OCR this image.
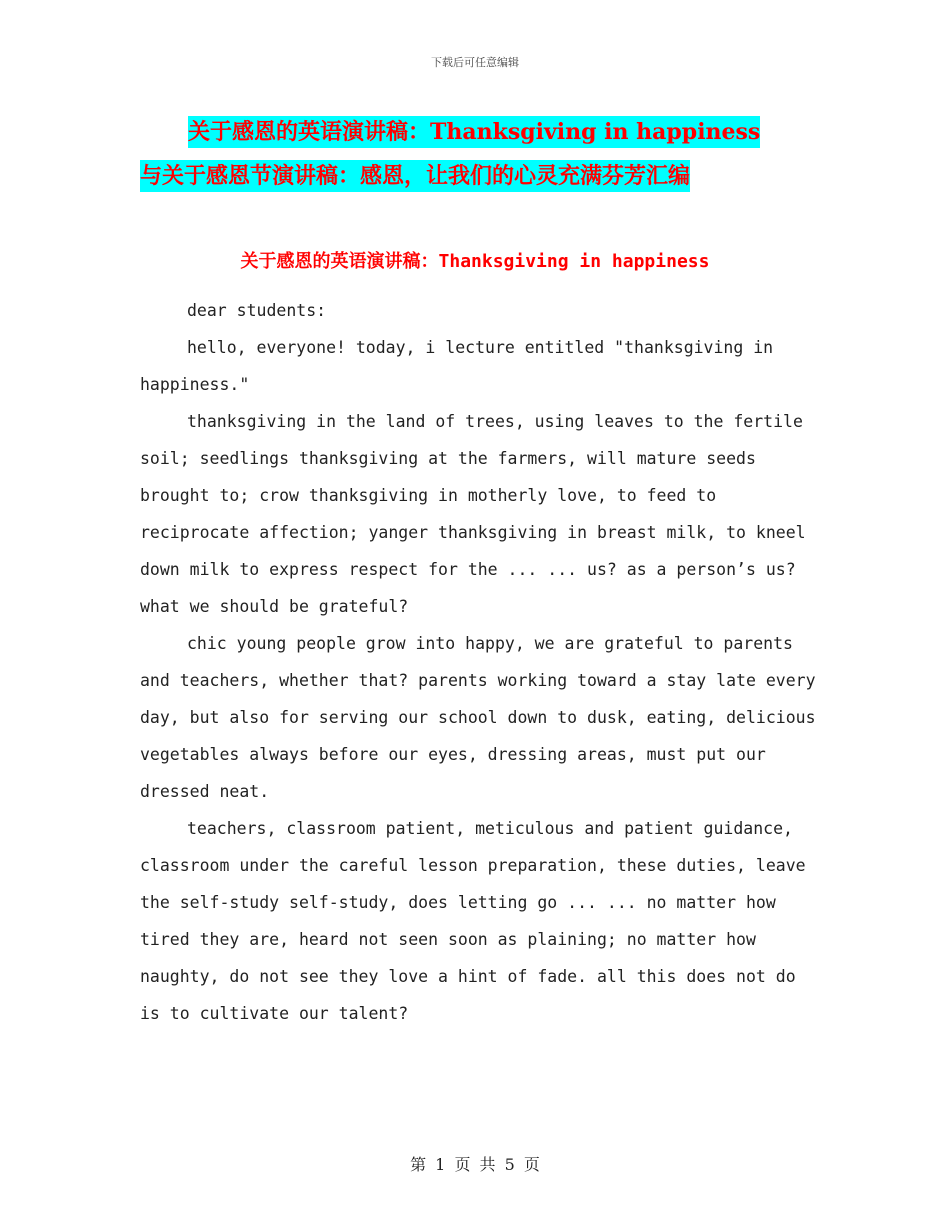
下载后可任意编辑
关于感恩的英语演讲稿：Thanksgiving in happiness
与关于感恩节演讲稿：感恩，让我们的心灵充满芬芳汇编
关于感恩的英语演讲稿：Thanksgiving in happiness

dear students:

hello, everyone! today, i lecture entitled "thanksgiving in happiness."

thanksgiving in the land of trees, using leaves to the fertile soil; seedlings thanksgiving at the farmers, will mature seeds brought to; crow thanksgiving in motherly love, to feed to reciprocate affection; yanger thanksgiving in breast milk, to kneel down milk to express respect for the ... ... us? as a person’s us? what we should be grateful?

chic young people grow into happy, we are grateful to parents and teachers, whether that? parents working toward a stay late every day, but also for serving our school down to dusk, eating, delicious vegetables always before our eyes, dressing areas, must put our dressed neat.

teachers, classroom patient, meticulous and patient guidance, classroom under the careful lesson preparation, these duties, leave the self-study self-study, does letting go ... ... no matter how tired they are, heard not seen soon as plaining; no matter how naughty, do not see they love a hint of fade. all this does not do is to cultivate our talent?

第 1 页 共 5 页
